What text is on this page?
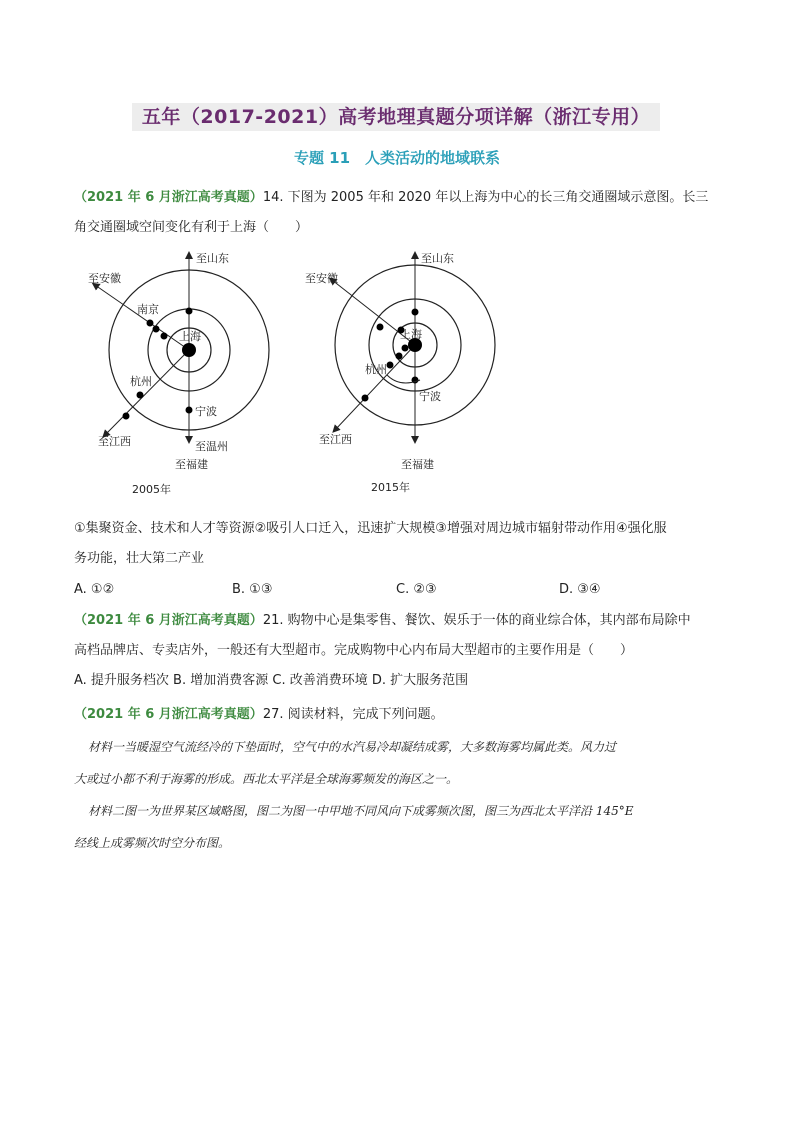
五年（2017-2021）高考地理真题分项详解（浙江专用）
专题 11　人类活动的地域联系
（2021 年 6 月浙江高考真题）14. 下图为 2005 年和 2020 年以上海为中心的长三角交通圈域示意图。长三
角交通圈域空间变化有利于上海（　　）
至山东
至安徽
南京
上海
杭州
宁波
至江西	至温州
至福建
2005年
至山东
至安徽
上海
杭州
宁波
至江西
至福建
2015年
①集聚资金、技术和人才等资源②吸引人口迁入，迅速扩大规模③增强对周边城市辐射带动作用④强化服
务功能，壮大第二产业
A. ①②	B. ①③	C. ②③	D. ③④
（2021 年 6 月浙江高考真题）21. 购物中心是集零售、餐饮、娱乐于一体的商业综合体，其内部布局除中
高档品牌店、专卖店外，一般还有大型超市。完成购物中心内布局大型超市的主要作用是（　　）
A. 提升服务档次 B. 增加消费客源 C. 改善消费环境 D. 扩大服务范围
（2021 年 6 月浙江高考真题）27. 阅读材料，完成下列问题。
材料一当暖湿空气流经冷的下垫面时，空气中的水汽易冷却凝结成雾，大多数海雾均属此类。风力过
大或过小都不利于海雾的形成。西北太平洋是全球海雾频发的海区之一。
材料二图一为世界某区域略图，图二为图一中甲地不同风向下成雾频次图，图三为西北太平洋沿 145°E
经线上成雾频次时空分布图。
